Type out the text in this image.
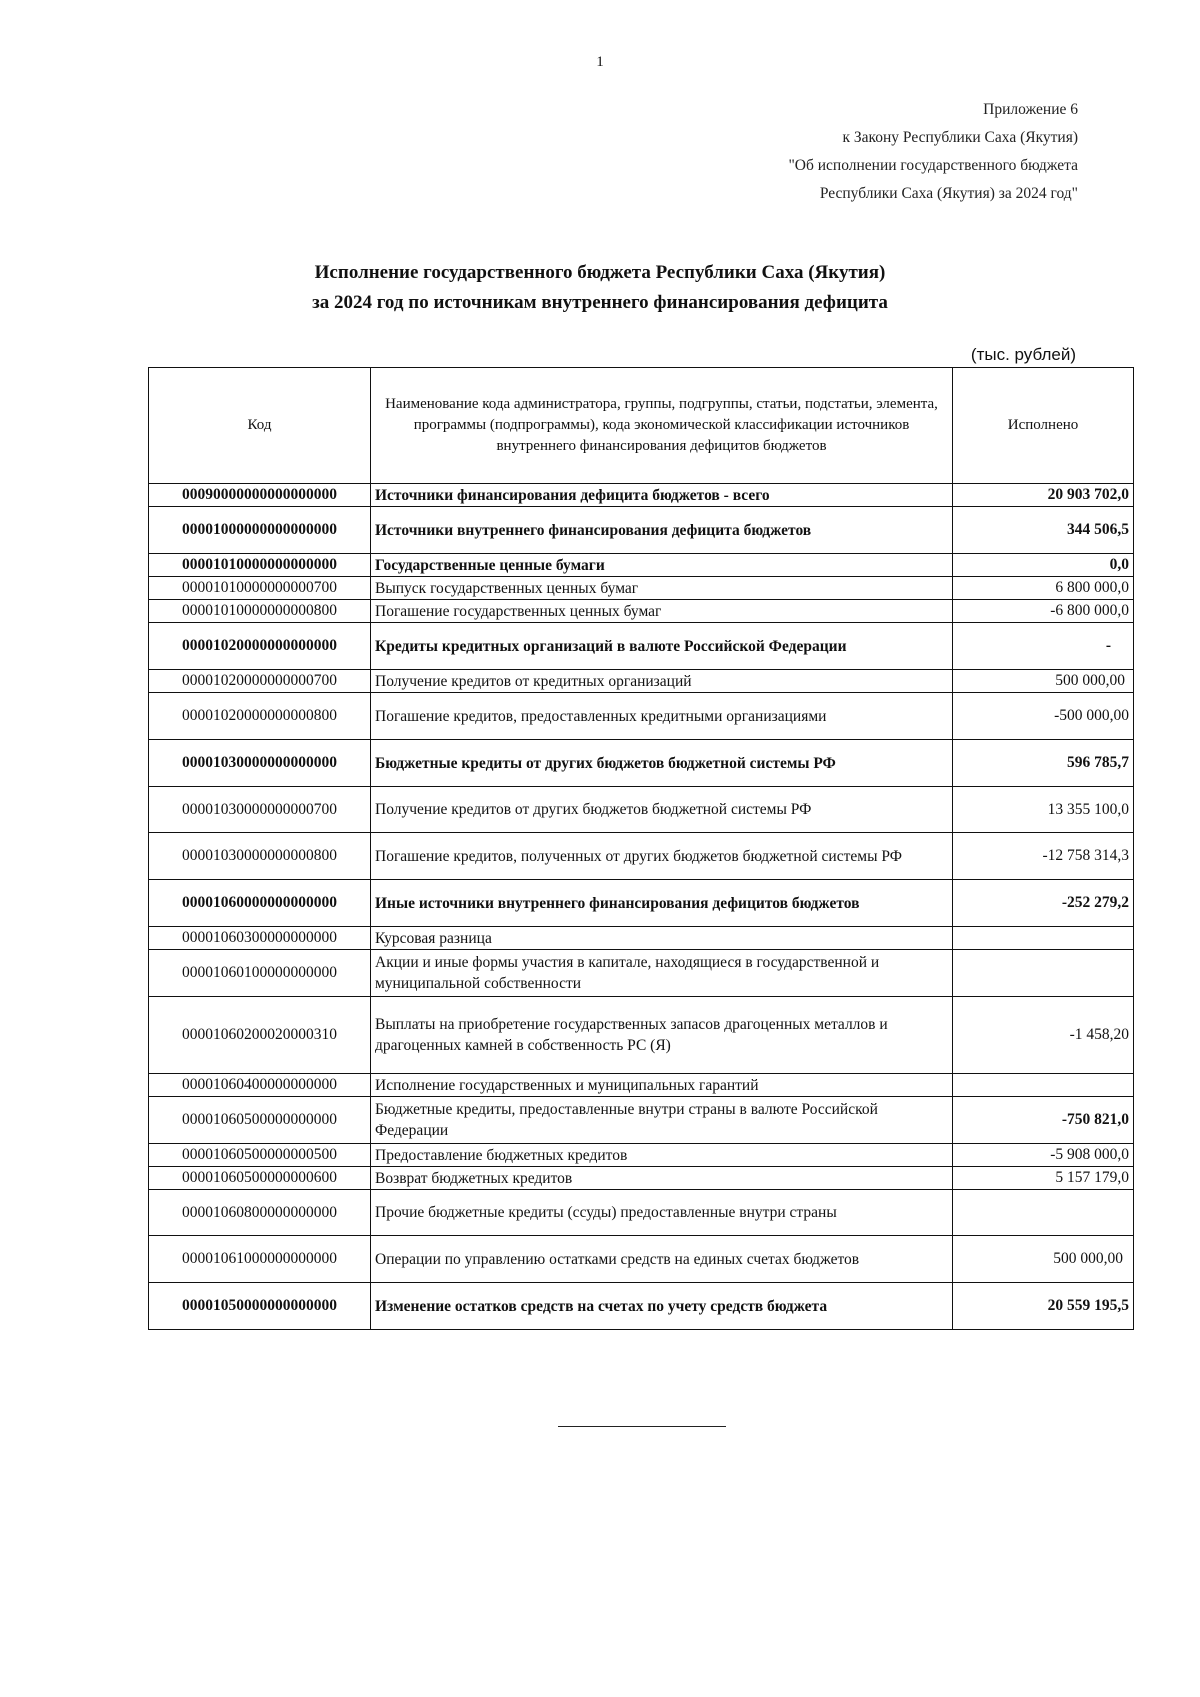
1
Приложение 6
к Закону Республики Саха (Якутия)
"Об исполнении государственного бюджета
Республики Саха (Якутия) за 2024 год"
Исполнение государственного бюджета Республики Саха (Якутия)
за 2024 год по источникам внутреннего финансирования дефицита
(тыс. рублей)
Код	Наименование кода администратора, группы, подгруппы, статьи, подстатьи, элемента, программы (подпрограммы), кода экономической классификации источников внутреннего финансирования дефицитов бюджетов	Исполнено
00090000000000000000	Источники финансирования дефицита бюджетов - всего	20 903 702,0
00001000000000000000	Источники внутреннего финансирования дефицита бюджетов	344 506,5
00001010000000000000	Государственные ценные бумаги	0,0
00001010000000000700	Выпуск государственных ценных бумаг	6 800 000,0
00001010000000000800	Погашение государственных ценных бумаг	-6 800 000,0
00001020000000000000	Кредиты кредитных организаций в валюте Российской Федерации	-
00001020000000000700	Получение кредитов от кредитных организаций	500 000,00
00001020000000000800	Погашение кредитов, предоставленных кредитными организациями	-500 000,00
00001030000000000000	Бюджетные кредиты от других бюджетов бюджетной системы РФ	596 785,7
00001030000000000700	Получение кредитов от других бюджетов бюджетной системы РФ	13 355 100,0
00001030000000000800	Погашение кредитов, полученных от других бюджетов бюджетной системы РФ	-12 758 314,3
00001060000000000000	Иные источники внутреннего финансирования дефицитов бюджетов	-252 279,2
00001060300000000000	Курсовая разница	
00001060100000000000	Акции и иные формы участия в капитале, находящиеся в государственной и муниципальной собственности	
00001060200020000310	Выплаты на приобретение государственных запасов драгоценных металлов и драгоценных камней в собственность РС (Я)	-1 458,20
00001060400000000000	Исполнение государственных и муниципальных гарантий	
00001060500000000000	Бюджетные кредиты, предоставленные внутри страны в валюте Российской Федерации	-750 821,0
00001060500000000500	Предоставление бюджетных кредитов	-5 908 000,0
00001060500000000600	Возврат бюджетных кредитов	5 157 179,0
00001060800000000000	Прочие бюджетные кредиты (ссуды) предоставленные внутри страны	
00001061000000000000	Операции по управлению остатками средств на единых счетах бюджетов	500 000,00
00001050000000000000	Изменение остатков средств на счетах по учету средств бюджета	20 559 195,5
